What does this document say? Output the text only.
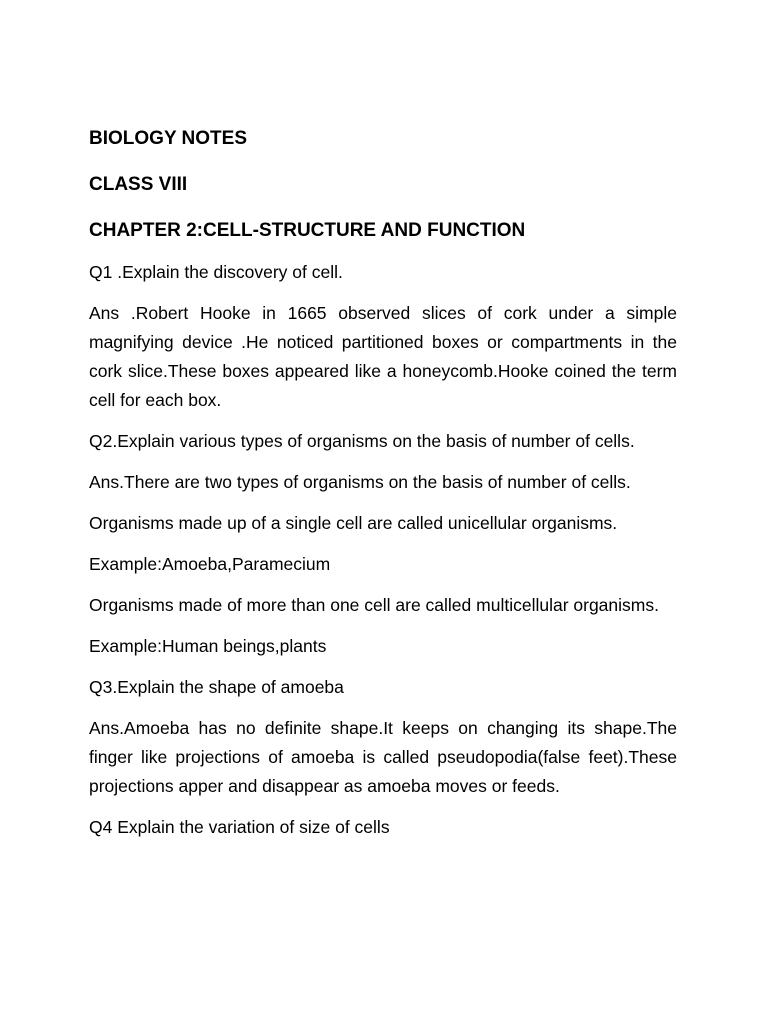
BIOLOGY NOTES

CLASS VIII

CHAPTER 2:CELL-STRUCTURE AND FUNCTION

Q1 .Explain the discovery of cell.

Ans .Robert Hooke in 1665 observed slices of cork under a simple magnifying device .He noticed partitioned boxes or compartments in the cork slice.These boxes appeared like a honeycomb.Hooke coined the term cell for each box.

Q2.Explain various types of organisms on the basis of number of cells.

Ans.There are two types of organisms on the basis of number of cells.

Organisms made up of a single cell are called unicellular organisms.

Example:Amoeba,Paramecium

Organisms made of more than one cell are called multicellular organisms.

Example:Human beings,plants

Q3.Explain the shape of amoeba

Ans.Amoeba has no definite shape.It keeps on changing its shape.The finger like projections of amoeba is called pseudopodia(false feet).These projections apper and disappear as amoeba moves or feeds.

Q4 Explain the variation of size of cells
